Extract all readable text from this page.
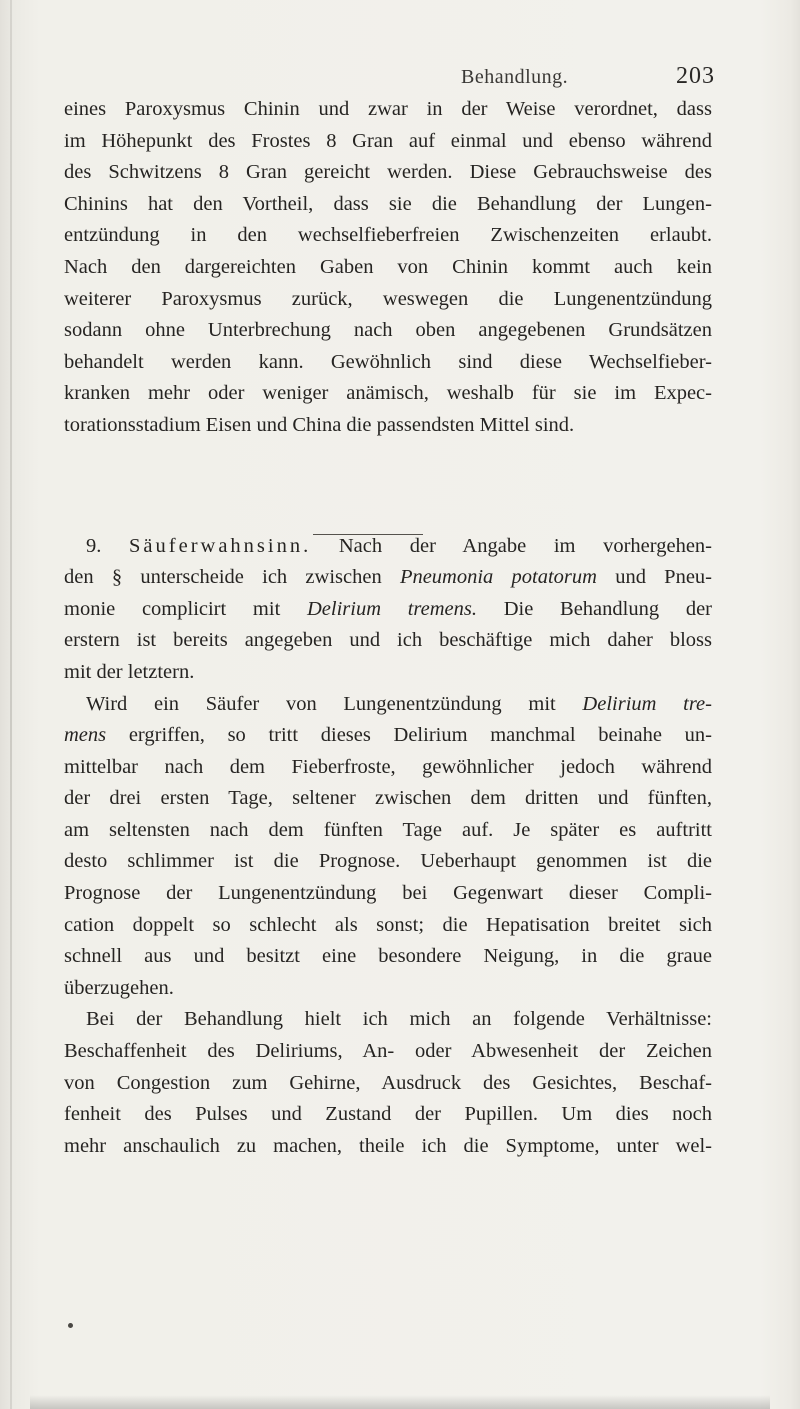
Behandlung.	203
eines Paroxysmus Chinin und zwar in der Weise verordnet, dass
im Höhepunkt des Frostes 8 Gran auf einmal und ebenso während
des Schwitzens 8 Gran gereicht werden. Diese Gebrauchsweise des
Chinins hat den Vortheil, dass sie die Behandlung der Lungen-
entzündung in den wechselfieberfreien Zwischenzeiten erlaubt.
Nach den dargereichten Gaben von Chinin kommt auch kein
weiterer Paroxysmus zurück, weswegen die Lungenentzündung
sodann ohne Unterbrechung nach oben angegebenen Grundsätzen
behandelt werden kann. Gewöhnlich sind diese Wechselfieber-
kranken mehr oder weniger anämisch, weshalb für sie im Expec-
torationsstadium Eisen und China die passendsten Mittel sind.
9. Säuferwahnsinn. Nach der Angabe im vorhergehen-
den § unterscheide ich zwischen Pneumonia potatorum und Pneu-
monie complicirt mit Delirium tremens. Die Behandlung der
erstern ist bereits angegeben und ich beschäftige mich daher bloss
mit der letztern.
Wird ein Säufer von Lungenentzündung mit Delirium tre-
mens ergriffen, so tritt dieses Delirium manchmal beinahe un-
mittelbar nach dem Fieberfroste, gewöhnlicher jedoch während
der drei ersten Tage, seltener zwischen dem dritten und fünften,
am seltensten nach dem fünften Tage auf. Je später es auftritt
desto schlimmer ist die Prognose. Ueberhaupt genommen ist die
Prognose der Lungenentzündung bei Gegenwart dieser Compli-
cation doppelt so schlecht als sonst; die Hepatisation breitet sich
schnell aus und besitzt eine besondere Neigung, in die graue
überzugehen.
Bei der Behandlung hielt ich mich an folgende Verhältnisse:
Beschaffenheit des Deliriums, An- oder Abwesenheit der Zeichen
von Congestion zum Gehirne, Ausdruck des Gesichtes, Beschaf-
fenheit des Pulses und Zustand der Pupillen. Um dies noch
mehr anschaulich zu machen, theile ich die Symptome, unter wel-
